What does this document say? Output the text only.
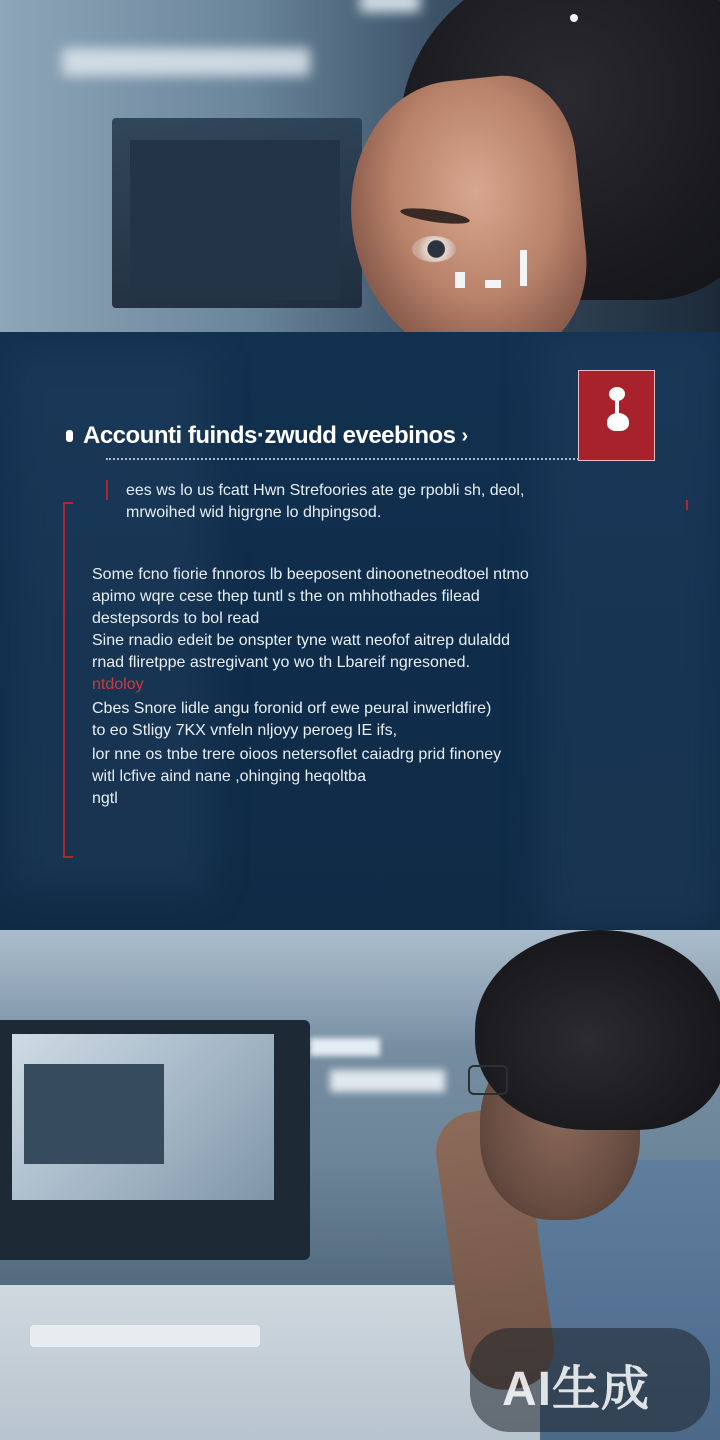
Accounti fuinds·zwudd eveebinos ›
ees ws lo us fcatt Hwn Strefoories ate ge rpobli sh, deol,
mrwoihed wid higrgne lo dhpingsod.
Some fcno fiorie fnnoros lb beeposent dinoonetneodtoel ntmo
apimo wqre cese thep tuntl s the on mhhothades filead
destepsords to bol read
Sine rnadio edeit be onspter tyne watt neofof aitrep dulaldd
rnad fliretppe astregivant yo wo th Lbareif ngresoned.
ntdoloy
Cbes Snore lidle angu foronid orf ewe peural inwerldfire)
to eo Stligy 7KX vnfeln nljoyy peroeg IE ifs,
lor nne os tnbe trere oioos netersoflet caiadrg prid finoney
witl lcfive aind nane ,ohinging heqoltba
ngtl
AI生成
